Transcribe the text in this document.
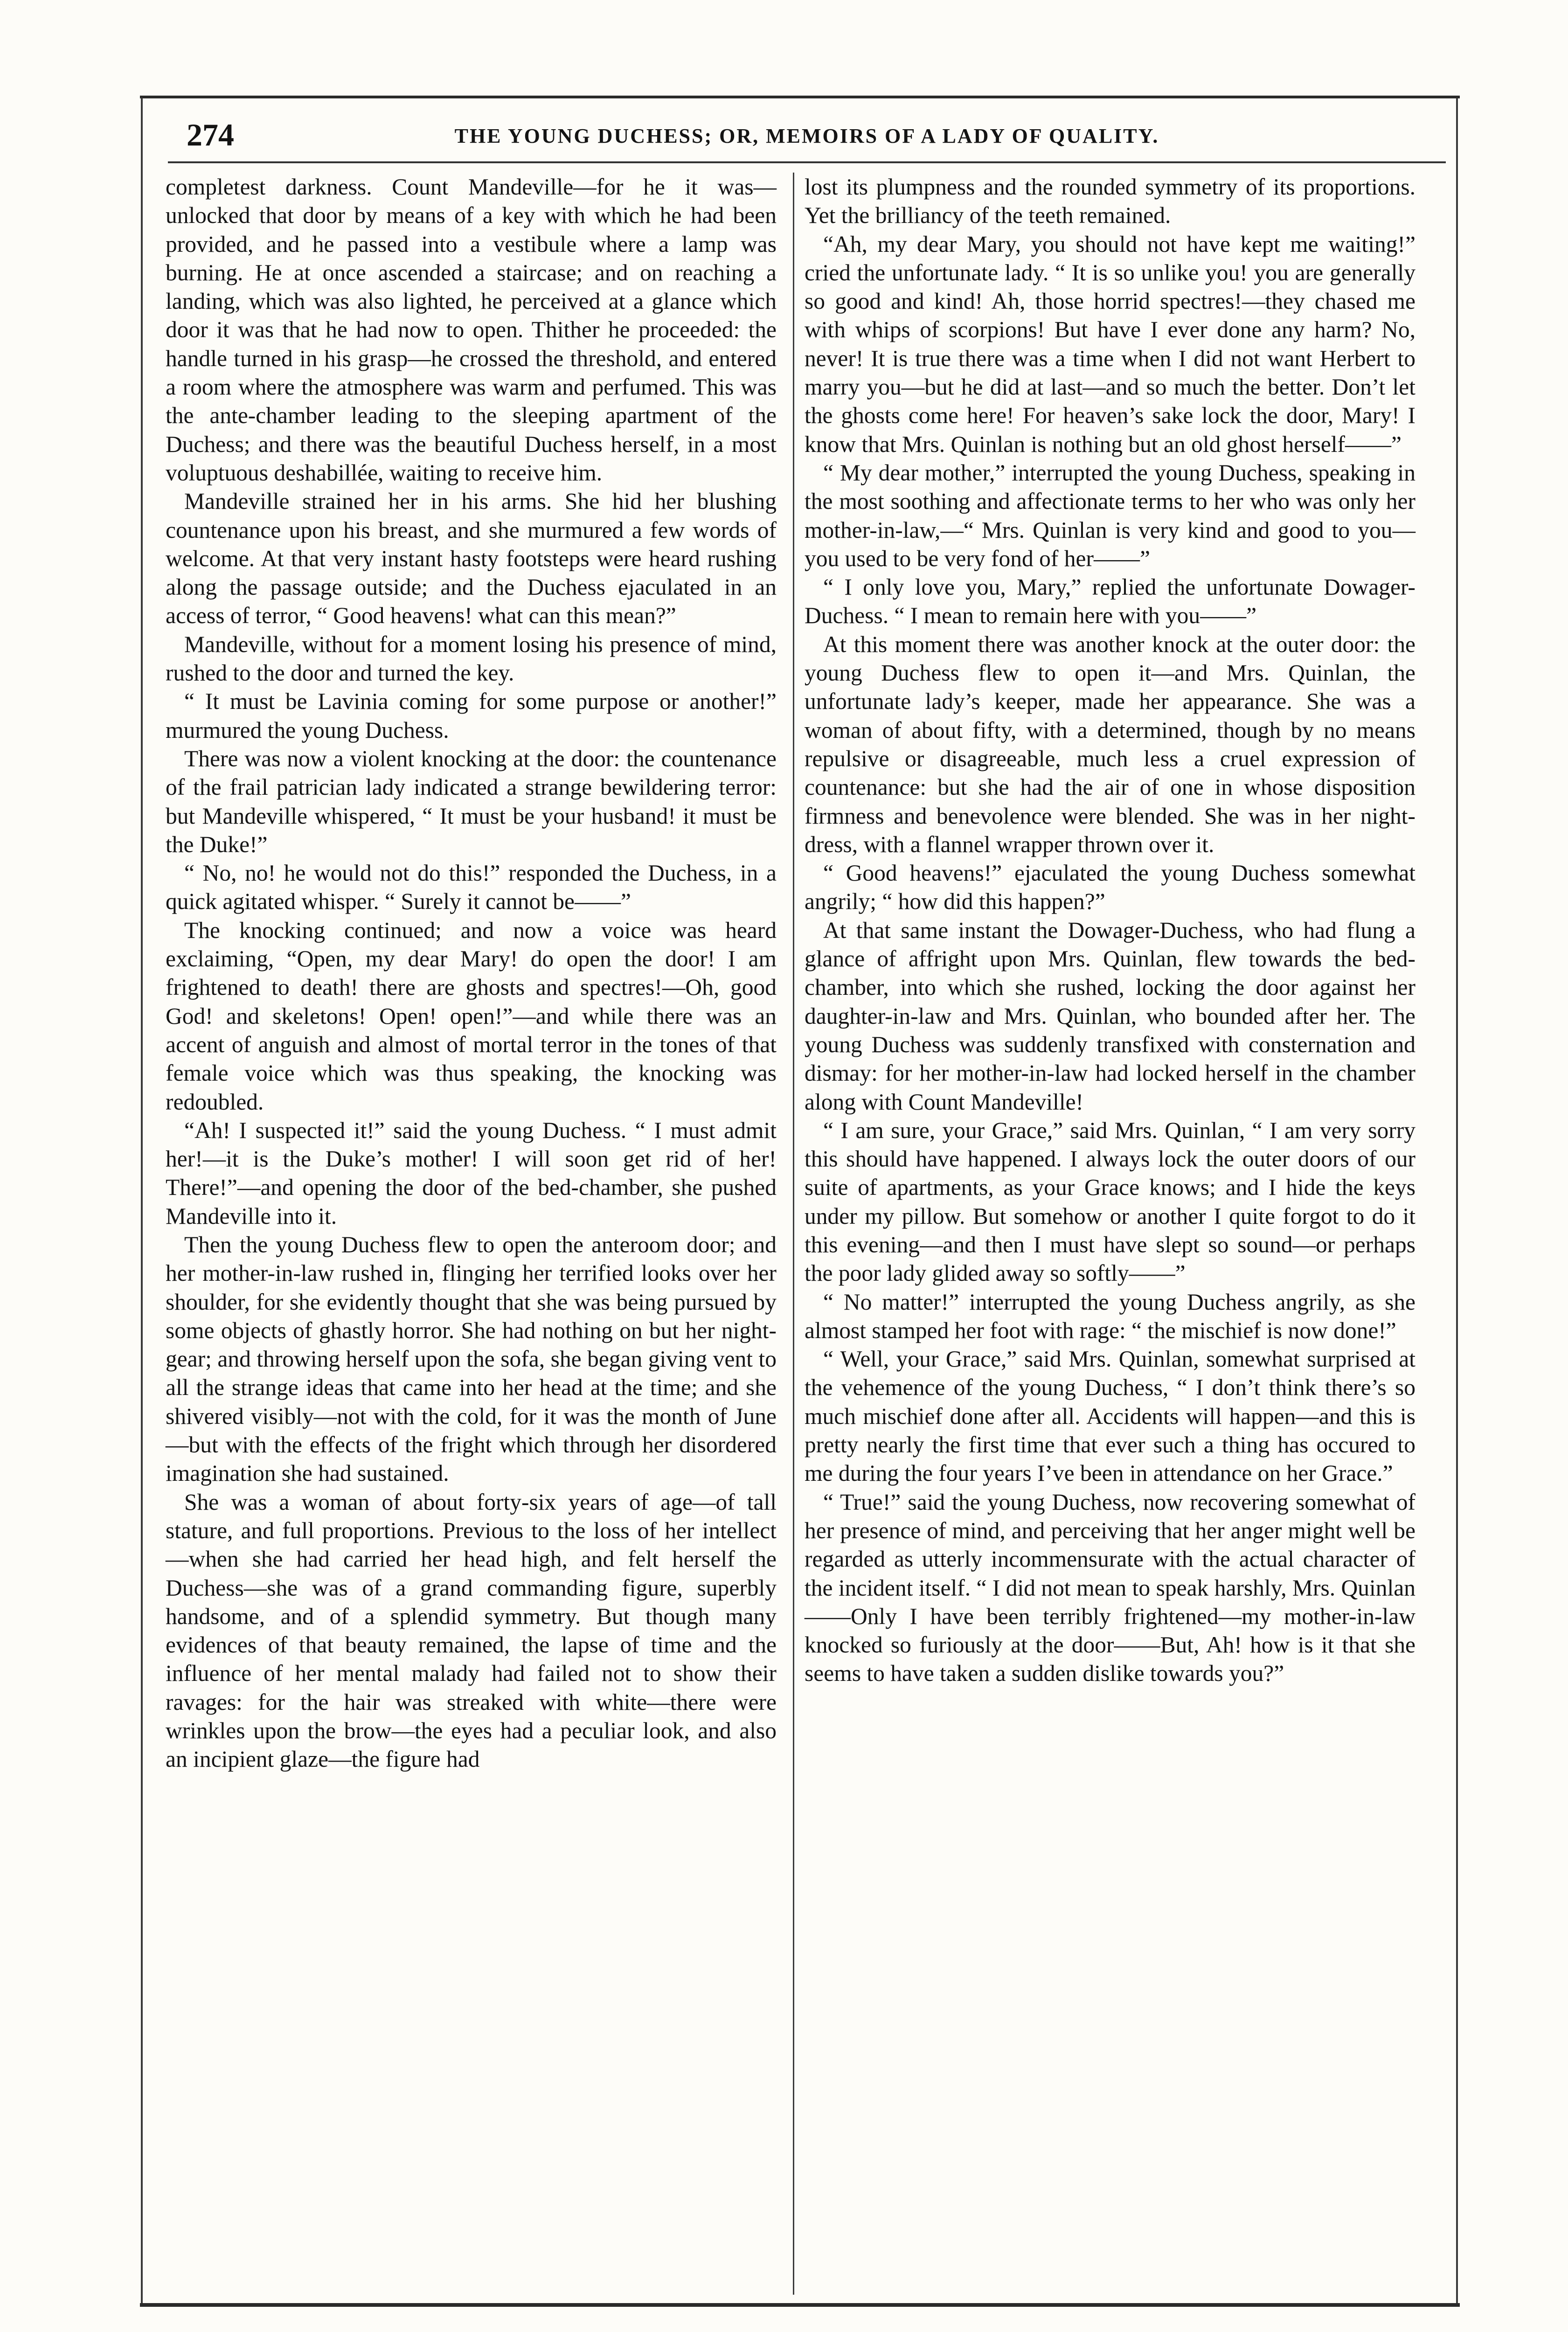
274	THE YOUNG DUCHESS; OR, MEMOIRS OF A LADY OF QUALITY.

completest darkness. Count Mandeville—for he it was—unlocked that door by means of a key with which he had been provided, and he passed into a vestibule where a lamp was burning. He at once ascended a staircase; and on reaching a landing, which was also lighted, he perceived at a glance which door it was that he had now to open. Thither he proceeded: the handle turned in his grasp—he crossed the threshold, and entered a room where the atmosphere was warm and perfumed. This was the ante-chamber leading to the sleeping apartment of the Duchess; and there was the beautiful Duchess herself, in a most voluptuous deshabillée, waiting to receive him.

Mandeville strained her in his arms. She hid her blushing countenance upon his breast, and she murmured a few words of welcome. At that very instant hasty footsteps were heard rushing along the passage outside; and the Duchess ejaculated in an access of terror, “ Good heavens! what can this mean?”

Mandeville, without for a moment losing his presence of mind, rushed to the door and turned the key.

“ It must be Lavinia coming for some purpose or another!” murmured the young Duchess.

There was now a violent knocking at the door: the countenance of the frail patrician lady indicated a strange bewildering terror: but Mandeville whispered, “ It must be your husband! it must be the Duke!”

“ No, no! he would not do this!” responded the Duchess, in a quick agitated whisper. “ Surely it cannot be——”

The knocking continued; and now a voice was heard exclaiming, “Open, my dear Mary! do open the door! I am frightened to death! there are ghosts and spectres!—Oh, good God! and skeletons! Open! open!”—and while there was an accent of anguish and almost of mortal terror in the tones of that female voice which was thus speaking, the knocking was redoubled.

“Ah! I suspected it!” said the young Duchess. “ I must admit her!—it is the Duke’s mother! I will soon get rid of her! There!”—and opening the door of the bed-chamber, she pushed Mandeville into it.

Then the young Duchess flew to open the anteroom door; and her mother-in-law rushed in, flinging her terrified looks over her shoulder, for she evidently thought that she was being pursued by some objects of ghastly horror. She had nothing on but her night-gear; and throwing herself upon the sofa, she began giving vent to all the strange ideas that came into her head at the time; and she shivered visibly—not with the cold, for it was the month of June—but with the effects of the fright which through her disordered imagination she had sustained.

She was a woman of about forty-six years of age—of tall stature, and full proportions. Previous to the loss of her intellect—when she had carried her head high, and felt herself the Duchess—she was of a grand commanding figure, superbly handsome, and of a splendid symmetry. But though many evidences of that beauty remained, the lapse of time and the influence of her mental malady had failed not to show their ravages: for the hair was streaked with white—there were wrinkles upon the brow—the eyes had a peculiar look, and also an incipient glaze—the figure had

lost its plumpness and the rounded symmetry of its proportions. Yet the brilliancy of the teeth remained.

“Ah, my dear Mary, you should not have kept me waiting!” cried the unfortunate lady. “ It is so unlike you! you are generally so good and kind! Ah, those horrid spectres!—they chased me with whips of scorpions! But have I ever done any harm? No, never! It is true there was a time when I did not want Herbert to marry you—but he did at last—and so much the better. Don’t let the ghosts come here! For heaven’s sake lock the door, Mary! I know that Mrs. Quinlan is nothing but an old ghost herself——”

“ My dear mother,” interrupted the young Duchess, speaking in the most soothing and affectionate terms to her who was only her mother-in-law,—“ Mrs. Quinlan is very kind and good to you—you used to be very fond of her——”

“ I only love you, Mary,” replied the unfortunate Dowager-Duchess. “ I mean to remain here with you——”

At this moment there was another knock at the outer door: the young Duchess flew to open it—and Mrs. Quinlan, the unfortunate lady’s keeper, made her appearance. She was a woman of about fifty, with a determined, though by no means repulsive or disagreeable, much less a cruel expression of countenance: but she had the air of one in whose disposition firmness and benevolence were blended. She was in her night-dress, with a flannel wrapper thrown over it.

“ Good heavens!” ejaculated the young Duchess somewhat angrily; “ how did this happen?”

At that same instant the Dowager-Duchess, who had flung a glance of affright upon Mrs. Quinlan, flew towards the bed-chamber, into which she rushed, locking the door against her daughter-in-law and Mrs. Quinlan, who bounded after her. The young Duchess was suddenly transfixed with consternation and dismay: for her mother-in-law had locked herself in the chamber along with Count Mandeville!

“ I am sure, your Grace,” said Mrs. Quinlan, “ I am very sorry this should have happened. I always lock the outer doors of our suite of apartments, as your Grace knows; and I hide the keys under my pillow. But somehow or another I quite forgot to do it this evening—and then I must have slept so sound—or perhaps the poor lady glided away so softly——”

“ No matter!” interrupted the young Duchess angrily, as she almost stamped her foot with rage: “ the mischief is now done!”

“ Well, your Grace,” said Mrs. Quinlan, somewhat surprised at the vehemence of the young Duchess, “ I don’t think there’s so much mischief done after all. Accidents will happen—and this is pretty nearly the first time that ever such a thing has occured to me during the four years I’ve been in attendance on her Grace.”

“ True!” said the young Duchess, now recovering somewhat of her presence of mind, and perceiving that her anger might well be regarded as utterly incommensurate with the actual character of the incident itself. “ I did not mean to speak harshly, Mrs. Quinlan——Only I have been terribly frightened—my mother-in-law knocked so furiously at the door——But, Ah! how is it that she seems to have taken a sudden dislike towards you?”
